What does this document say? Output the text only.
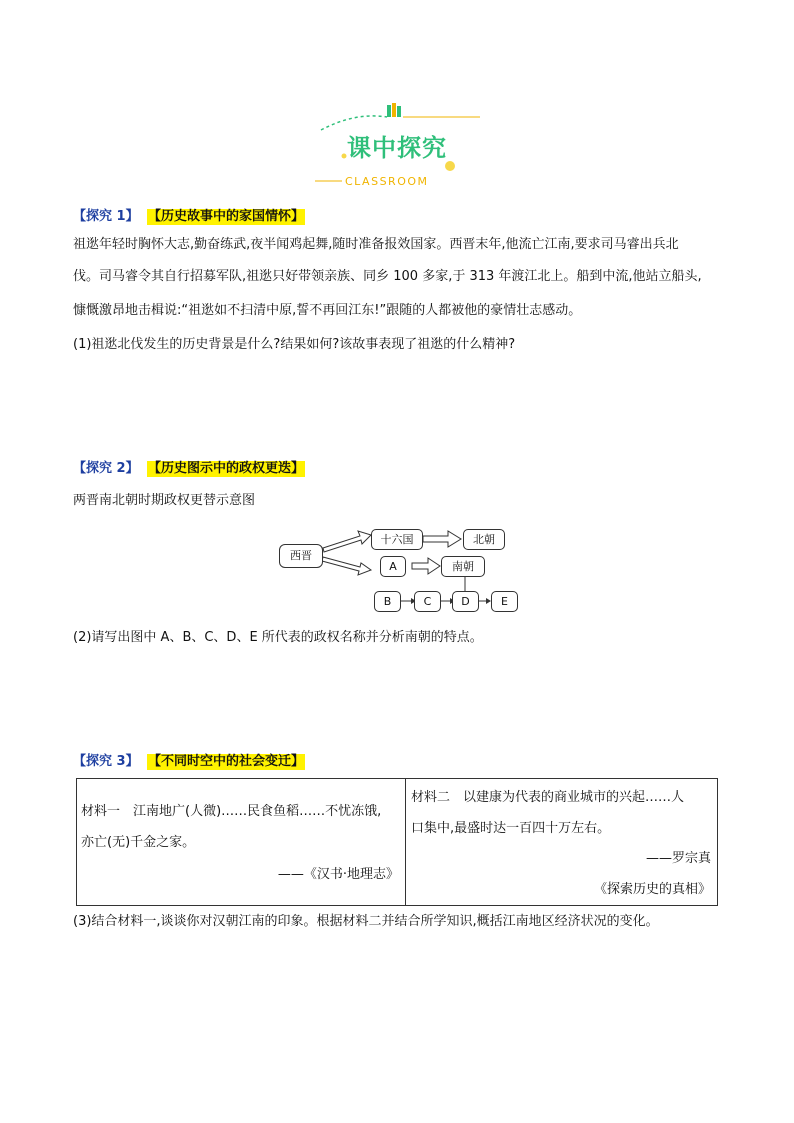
课中探究
CLASSROOM
【探究 1】 【历史故事中的家国情怀】
祖逖年轻时胸怀大志,勤奋练武,夜半闻鸡起舞,随时准备报效国家。西晋末年,他流亡江南,要求司马睿出兵北
伐。司马睿令其自行招募军队,祖逖只好带领亲族、同乡 100 多家,于 313 年渡江北上。船到中流,他站立船头,
慷慨激昂地击楫说:“祖逖如不扫清中原,誓不再回江东!”跟随的人都被他的豪情壮志感动。
(1)祖逖北伐发生的历史背景是什么?结果如何?该故事表现了祖逖的什么精神?
【探究 2】 【历史图示中的政权更迭】
两晋南北朝时期政权更替示意图
西晋
十六国	北朝
A	南朝
B	C	D	E
(2)请写出图中 A、B、C、D、E 所代表的政权名称并分析南朝的特点。
【探究 3】 【不同时空中的社会变迁】
材料一　江南地广(人微)……民食鱼稻……不忧冻饿,
亦亡(无)千金之家。
——《汉书·地理志》
材料二　以建康为代表的商业城市的兴起……人
口集中,最盛时达一百四十万左右。
——罗宗真
《探索历史的真相》
(3)结合材料一,谈谈你对汉朝江南的印象。根据材料二并结合所学知识,概括江南地区经济状况的变化。
